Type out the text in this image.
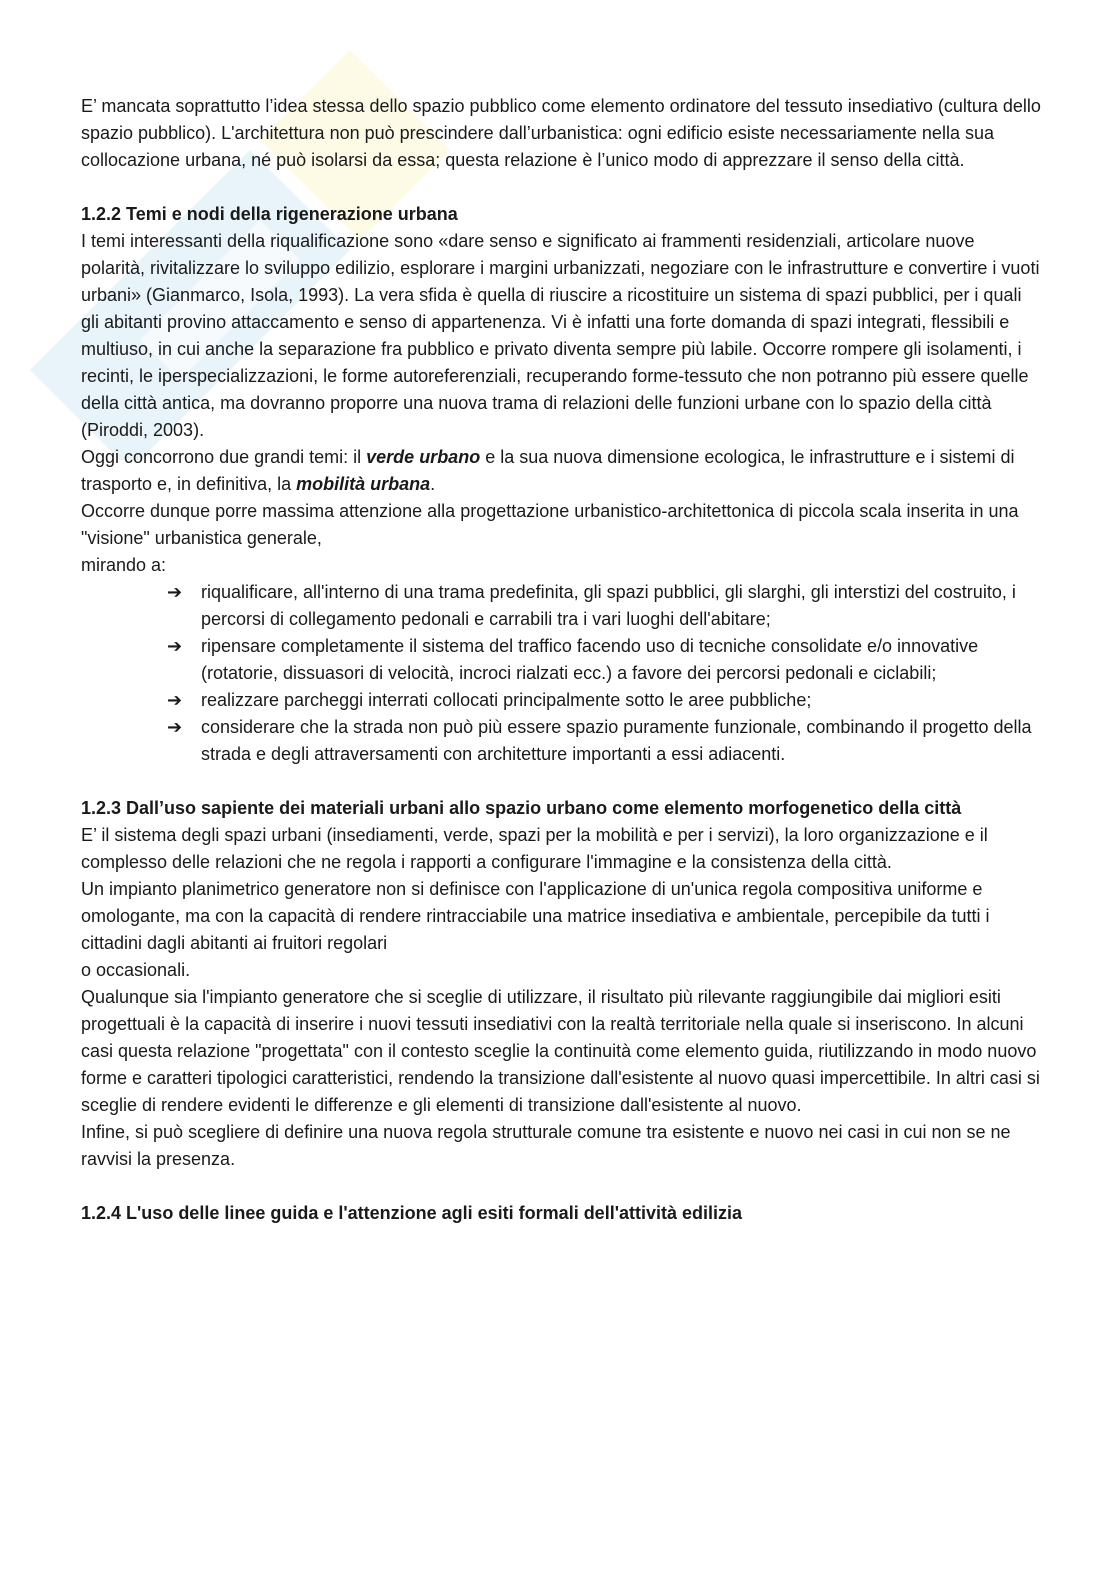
E’ mancata soprattutto l’idea stessa dello spazio pubblico come elemento ordinatore del tessuto insediativo (cultura dello spazio pubblico). L'architettura non può prescindere dall’urbanistica: ogni edificio esiste necessariamente nella sua collocazione urbana, né può isolarsi da essa; questa relazione è l’unico modo di apprezzare il senso della città.

1.2.2 Temi e nodi della rigenerazione urbana

I temi interessanti della riqualificazione sono «dare senso e significato ai frammenti residenziali, articolare nuove polarità, rivitalizzare lo sviluppo edilizio, esplorare i margini urbanizzati, negoziare con le infrastrutture e convertire i vuoti urbani» (Gianmarco, Isola, 1993). La vera sfida è quella di riuscire a ricostituire un sistema di spazi pubblici, per i quali gli abitanti provino attaccamento e senso di appartenenza. Vi è infatti una forte domanda di spazi integrati, flessibili e multiuso, in cui anche la separazione fra pubblico e privato diventa sempre più labile. Occorre rompere gli isolamenti, i recinti, le iperspecializzazioni, le forme autoreferenziali, recuperando forme-tessuto che non potranno più essere quelle della città antica, ma dovranno proporre una nuova trama di relazioni delle funzioni urbane con lo spazio della città (Piroddi, 2003).

Oggi concorrono due grandi temi: il verde urbano e la sua nuova dimensione ecologica, le infrastrutture e i sistemi di trasporto e, in definitiva, la mobilità urbana.

Occorre dunque porre massima attenzione alla progettazione urbanistico-architettonica di piccola scala inserita in una "visione" urbanistica generale,

mirando a:

➔ riqualificare, all'interno di una trama predefinita, gli spazi pubblici, gli slarghi, gli interstizi del costruito, i percorsi di collegamento pedonali e carrabili tra i vari luoghi dell'abitare;
➔ ripensare completamente il sistema del traffico facendo uso di tecniche consolidate e/o innovative (rotatorie, dissuasori di velocità, incroci rialzati ecc.) a favore dei percorsi pedonali e ciclabili;
➔ realizzare parcheggi interrati collocati principalmente sotto le aree pubbliche;
➔ considerare che la strada non può più essere spazio puramente funzionale, combinando il progetto della strada e degli attraversamenti con architetture importanti a essi adiacenti.
1.2.3 Dall’uso sapiente dei materiali urbani allo spazio urbano come elemento morfogenetico della città

E’ il sistema degli spazi urbani (insediamenti, verde, spazi per la mobilità e per i servizi), la loro organizzazione e il complesso delle relazioni che ne regola i rapporti a configurare l'immagine e la consistenza della città.

Un impianto planimetrico generatore non si definisce con l'applicazione di un'unica regola compositiva uniforme e omologante, ma con la capacità di rendere rintracciabile una matrice insediativa e ambientale, percepibile da tutti i cittadini dagli abitanti ai fruitori regolari

o occasionali.

Qualunque sia l'impianto generatore che si sceglie di utilizzare, il risultato più rilevante raggiungibile dai migliori esiti progettuali è la capacità di inserire i nuovi tessuti insediativi con la realtà territoriale nella quale si inseriscono. In alcuni casi questa relazione "progettata" con il contesto sceglie la continuità come elemento guida, riutilizzando in modo nuovo forme e caratteri tipologici caratteristici, rendendo la transizione dall'esistente al nuovo quasi impercettibile. In altri casi si sceglie di rendere evidenti le differenze e gli elementi di transizione dall'esistente al nuovo.

Infine, si può scegliere di definire una nuova regola strutturale comune tra esistente e nuovo nei casi in cui non se ne ravvisi la presenza.

1.2.4 L'uso delle linee guida e l'attenzione agli esiti formali dell'attività edilizia
